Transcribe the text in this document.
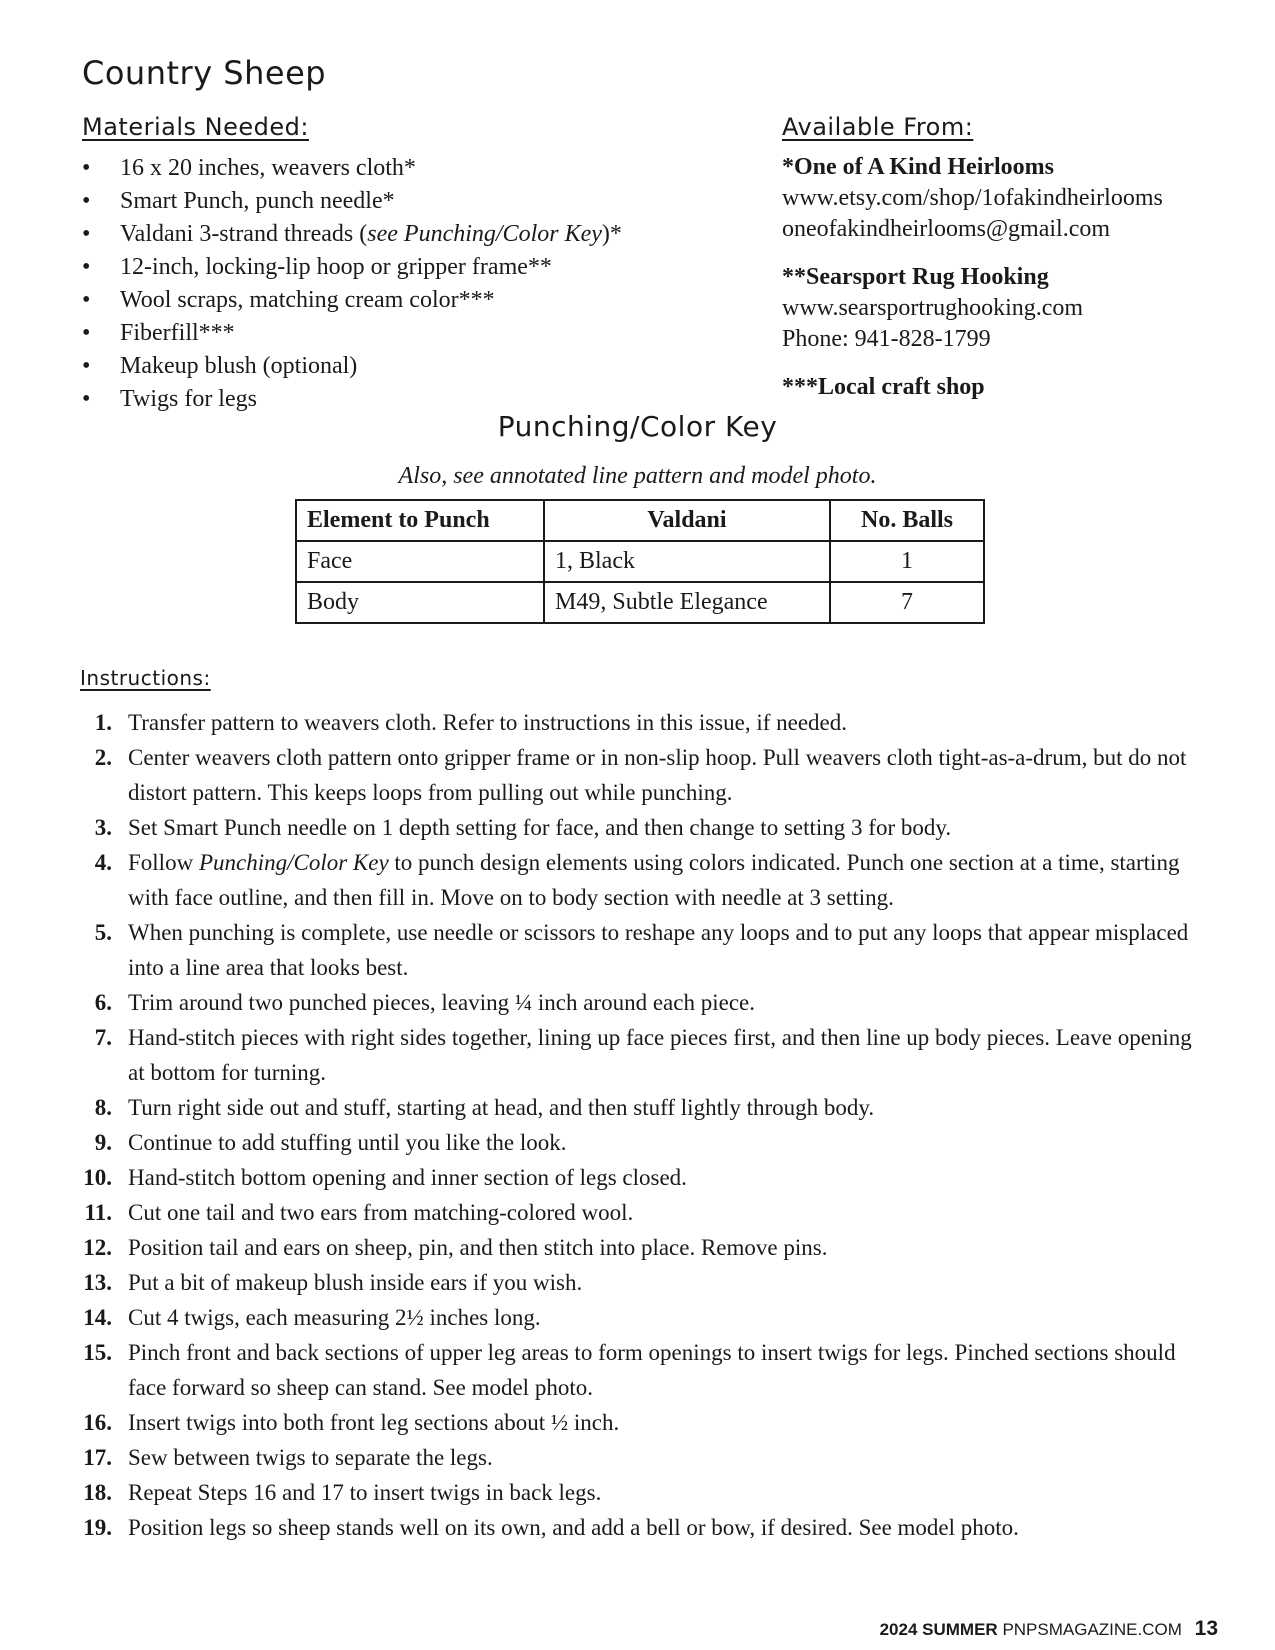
Country Sheep
Materials Needed:
• 16 x 20 inches, weavers cloth*
• Smart Punch, punch needle*
• Valdani 3-strand threads (see Punching/Color Key)*
• 12-inch, locking-lip hoop or gripper frame**
• Wool scraps, matching cream color***
• Fiberfill***
• Makeup blush (optional)
• Twigs for legs
Available From:
*One of A Kind Heirlooms
www.etsy.com/shop/1ofakindheirlooms
oneofakindheirlooms@gmail.com
**Searsport Rug Hooking
www.searsportrughooking.com
Phone: 941-828-1799
***Local craft shop
Punching/Color Key
Also, see annotated line pattern and model photo.
Element to Punch	Valdani	No. Balls
Face	1, Black	1
Body	M49, Subtle Elegance	7
Instructions:
1. Transfer pattern to weavers cloth. Refer to instructions in this issue, if needed.
2. Center weavers cloth pattern onto gripper frame or in non-slip hoop. Pull weavers cloth tight-as-a-drum, but do not distort pattern. This keeps loops from pulling out while punching.
3. Set Smart Punch needle on 1 depth setting for face, and then change to setting 3 for body.
4. Follow Punching/Color Key to punch design elements using colors indicated. Punch one section at a time, starting with face outline, and then fill in. Move on to body section with needle at 3 setting.
5. When punching is complete, use needle or scissors to reshape any loops and to put any loops that appear misplaced into a line area that looks best.
6. Trim around two punched pieces, leaving ¼ inch around each piece.
7. Hand-stitch pieces with right sides together, lining up face pieces first, and then line up body pieces. Leave opening at bottom for turning.
8. Turn right side out and stuff, starting at head, and then stuff lightly through body.
9. Continue to add stuffing until you like the look.
10. Hand-stitch bottom opening and inner section of legs closed.
11. Cut one tail and two ears from matching-colored wool.
12. Position tail and ears on sheep, pin, and then stitch into place. Remove pins.
13. Put a bit of makeup blush inside ears if you wish.
14. Cut 4 twigs, each measuring 2½ inches long.
15. Pinch front and back sections of upper leg areas to form openings to insert twigs for legs. Pinched sections should face forward so sheep can stand. See model photo.
16. Insert twigs into both front leg sections about ½ inch.
17. Sew between twigs to separate the legs.
18. Repeat Steps 16 and 17 to insert twigs in back legs.
19. Position legs so sheep stands well on its own, and add a bell or bow, if desired. See model photo.
2024 SUMMER PNPSMAGAZINE.COM 13
